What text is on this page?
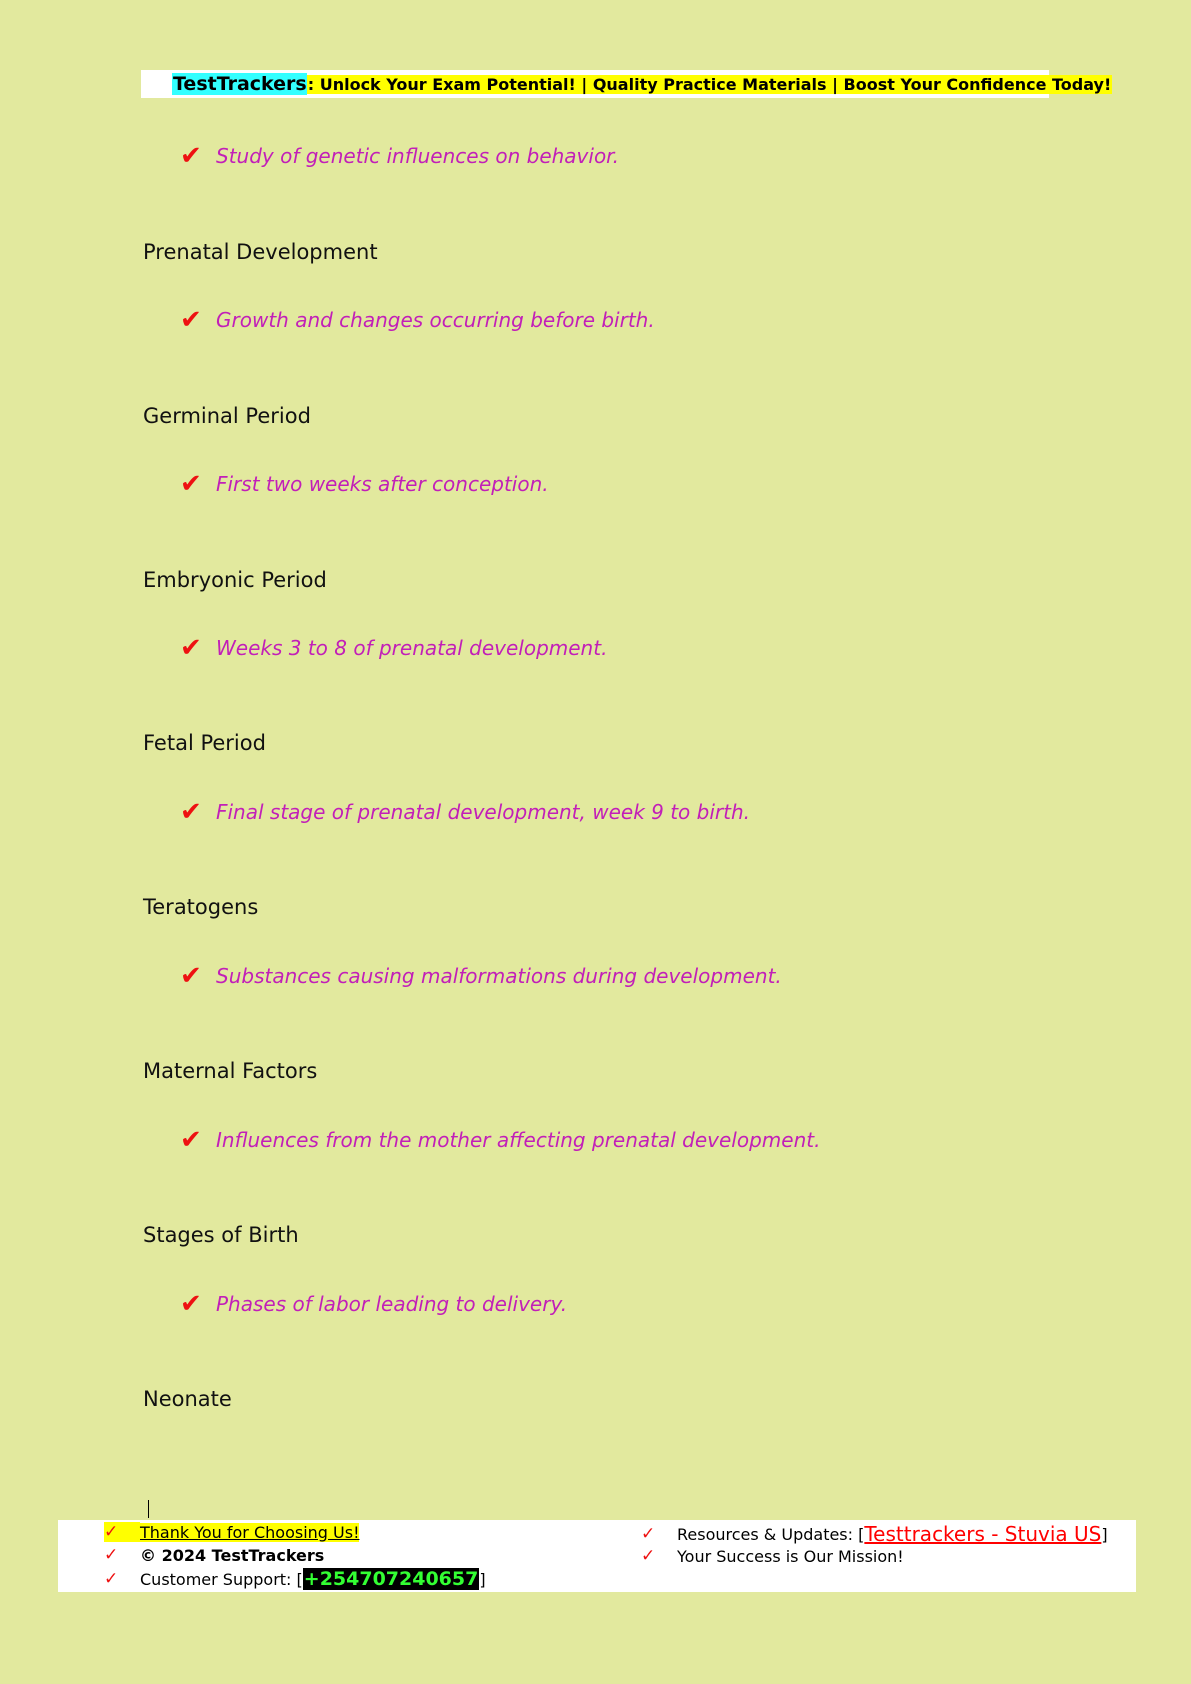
TestTrackers : Unlock Your Exam Potential! | Quality Practice Materials | Boost Your Confidence Today!
✔ Study of genetic influences on behavior.
Prenatal Development
✔ Growth and changes occurring before birth.
Germinal Period
✔ First two weeks after conception.
Embryonic Period
✔ Weeks 3 to 8 of prenatal development.
Fetal Period
✔ Final stage of prenatal development, week 9 to birth.
Teratogens
✔ Substances causing malformations during development.
Maternal Factors
✔ Influences from the mother affecting prenatal development.
Stages of Birth
✔ Phases of labor leading to delivery.
Neonate
✓	Thank You for Choosing Us!
✓	© 2024 TestTrackers
✓	Customer Support: [ +254707240657 ]
✓	Resources & Updates: [ Testtrackers - Stuvia US ]
✓	Your Success is Our Mission!
